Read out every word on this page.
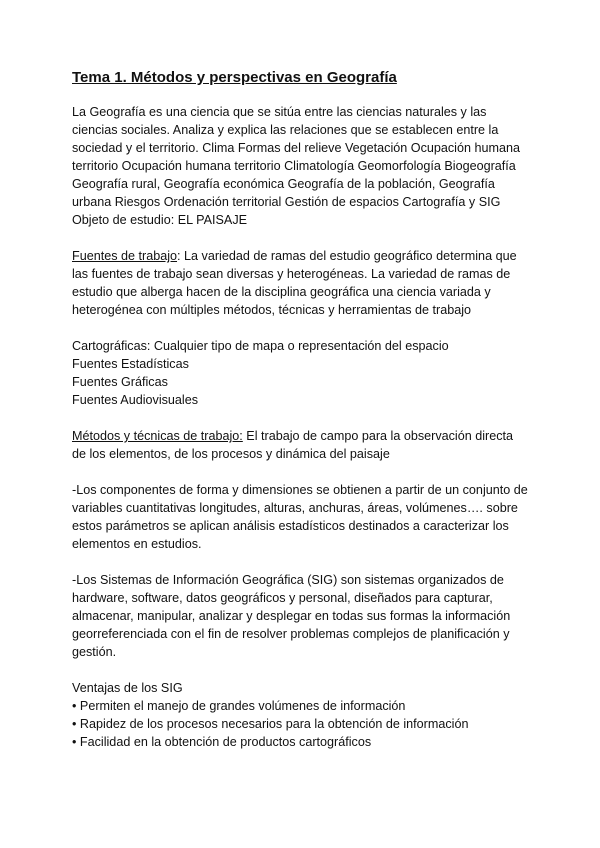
Tema 1. Métodos y perspectivas en Geografía

La Geografía es una ciencia que se sitúa entre las ciencias naturales y las ciencias sociales. Analiza y explica las relaciones que se establecen entre la sociedad y el territorio. Clima Formas del relieve Vegetación Ocupación humana territorio Ocupación humana territorio Climatología Geomorfología Biogeografía Geografía rural, Geografía económica Geografía de la población, Geografía urbana Riesgos Ordenación territorial Gestión de espacios Cartografía y SIG Objeto de estudio: EL PAISAJE

Fuentes de trabajo: La variedad de ramas del estudio geográfico determina que las fuentes de trabajo sean diversas y heterogéneas. La variedad de ramas de estudio que alberga hacen de la disciplina geográfica una ciencia variada y heterogénea con múltiples métodos, técnicas y herramientas de trabajo

Cartográficas: Cualquier tipo de mapa o representación del espacio
Fuentes Estadísticas
Fuentes Gráficas
Fuentes Audiovisuales

Métodos y técnicas de trabajo: El trabajo de campo para la observación directa de los elementos, de los procesos y dinámica del paisaje

-Los componentes de forma y dimensiones se obtienen a partir de un conjunto de variables cuantitativas longitudes, alturas, anchuras, áreas, volúmenes…. sobre estos parámetros se aplican análisis estadísticos destinados a caracterizar los elementos en estudios.

-Los Sistemas de Información Geográfica (SIG) son sistemas organizados de hardware, software, datos geográficos y personal, diseñados para capturar, almacenar, manipular, analizar y desplegar en todas sus formas la información georreferenciada con el fin de resolver problemas complejos de planificación y gestión.

Ventajas de los SIG
• Permiten el manejo de grandes volúmenes de información
• Rapidez de los procesos necesarios para la obtención de información
• Facilidad en la obtención de productos cartográficos
